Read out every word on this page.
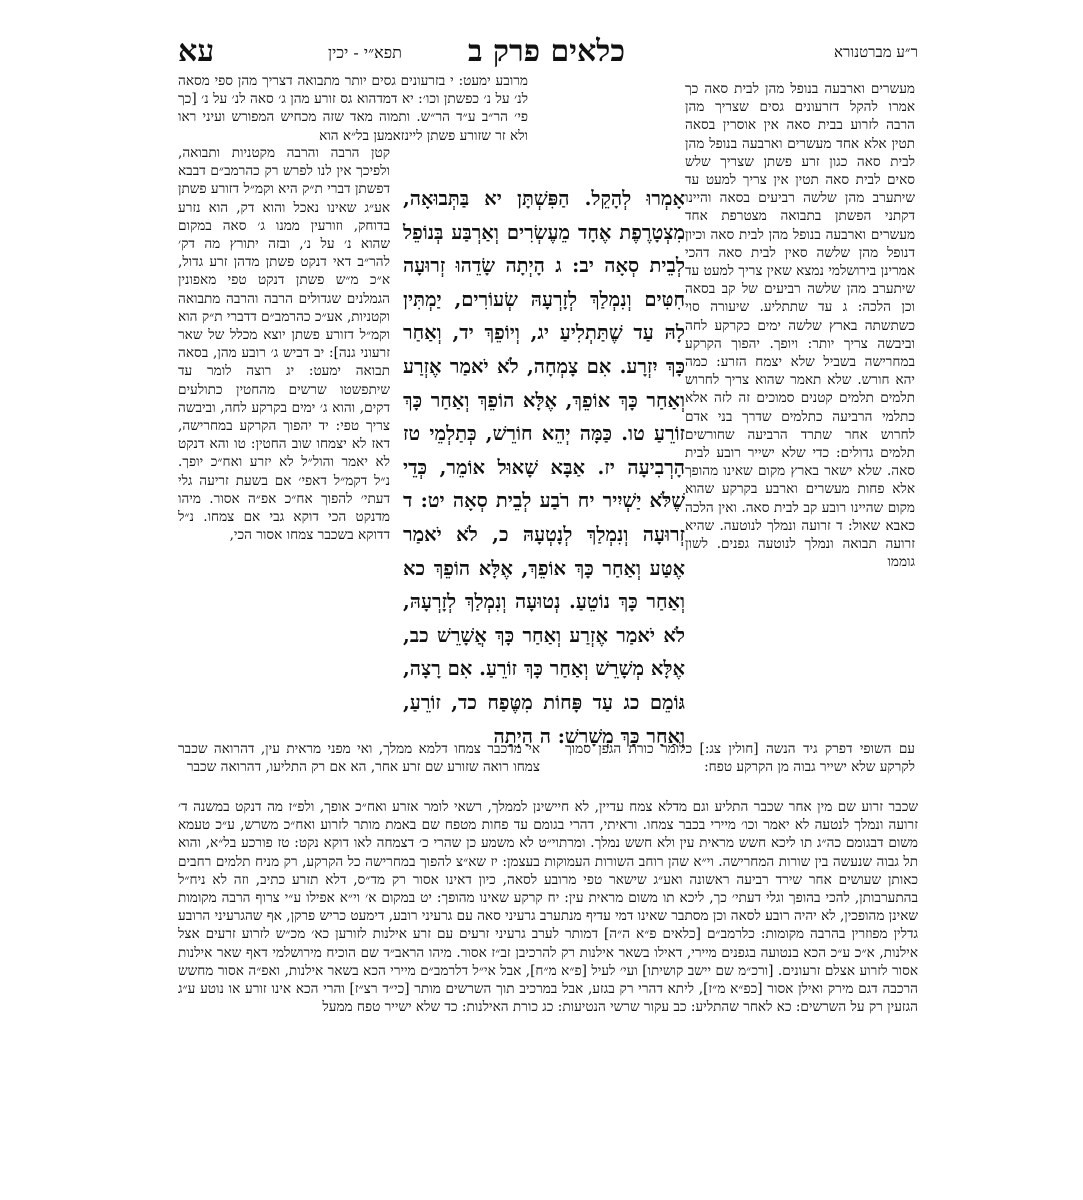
עא	תפא״י - יכין כלאים פרק ב	ר״ע מברטנורא

מעשרים וארבעה בנופל מהן לבית סאה כך אמרו להקל דזרעונים גסים שצריך מהן הרבה לזרוע בבית סאה אין אוסרין בסאה תטין אלא אחד מעשרים וארבעה בנופל מהן לבית סאה כגון זרע פשתן שצריך שלש סאים לבית סאה תטין אין צריך למעט עד שיתערב מהן שלשה רביעים בסאה והיינו דקתני הפשתן בתבואה מצטרפת אחד מעשרים וארבעה בנופל מהן לבית סאה וכיון דנופל מהן שלשה סאין לבית סאה דהכי אמרינן בירושלמי נמצא שאין צריך למעט עד שיתערב מהן שלשה רביעים של קב בסאה וכן הלכה: ג עד שתתליע. שיעורה סוי כשתשתה בארץ שלשה ימים כקרקע לחה וביבשה צריך יותר: ויופך. יהפוך הקרקע במחרישה בשביל שלא יצמח הזרע: כמה יהא חורש. שלא תאמר שהוא צריך לחרוש תלמים תלמים קטנים סמוכים זה לזה אלא כתלמי הרביעה כתלמים שדרך בני אדם לחרוש אחר שתרד הרביעה שחורשים תלמים גדולים: כדי שלא ישייר רובע לבית סאה. שלא ישאר בארץ מקום שאינו מהופך אלא פחות מעשרים וארבע בקרקע שהוא מקום שהיינו רובע קב לבית סאה. ואין הלכה כאבא שאול: ד זרועה ונמלך לנוטעה. שהיא זרועה תבואה ונמלך לנוטעה גפנים. לשון גוממו

מרובע ימעט: י בזרעונים גסים יותר מתבואה דצריך מהן ספי מסאה לנ׳ על נ׳ כפשתן וכו׳: יא דמדהוא גס זורע מהן ג׳ סאה לנ׳ על נ׳ [כך פי׳ הר״ב ע״ד הר״ש. ותמוה מאד שזה מכחיש המפורש ועיני ראו ולא זר שזורע פשתן ליינזאמען בל״א הוא

קטן הרבה והרבה מקטניות ותבואה, ולפיכך אין לנו לפרש רק כהרמב״ם דבבא דפשתן דברי ת״ק היא וקמ״ל דזורע פשתן אע״ג שאינו נאכל והוא דק, הוא נזרע בדוחק, וזורעין ממנו ג׳ סאה במקום שהוא נ׳ על נ׳, ובזה יתורץ מה דק׳ להר״ב דאי דנקט פשתן מדהן זרע גדול, א״כ מ״ש פשתן דנקט טפי מאפונין הגמלנים שגדולים הרבה והרבה מתבואה וקטניות, אע״כ כהרמב״ם דדברי ת״ק הוא וקמ״ל דזורע פשתן יוצא מכלל של שאר זרעוני גנה]: יב דביש ג׳ רובע מהן, בסאה תבואה ימעט: יג רוצה לומר עד שיתפשטו שרשים מהחטין כתולעים דקים, והוא ג׳ ימים בקרקע לחה, וביבשה צריך טפי: יד יהפוך הקרקע במחרישה, דאז לא יצמחו שוב החטין: טו והא דנקט לא יאמר והול״ל לא יזרע ואח״כ יופך. נ״ל דקמ״ל דאפי׳ אם בשעת זריעה גלי דעתי׳ להפוך אח״כ אפ״ה אסור. מיהו מדנקט הכי דוקא גבי אם צמחו. נ״ל דדוקא בשכבר צמחו אסור הכי,

אָמְרוּ לְהָקֵל. הַפִּשְׁתָּן יא בַּתְּבוּאָה, מִצְטָרֶפֶת אֶחָד מֵעֶשְׂרִים וְאַרְבַּע בְּנוֹפֵל לְבֵית סְאָה יב: ג הָיְתָה שָׂדֵהוּ זְרוּעָה חִטִּים וְנִמְלַךְ לְזָרְעָהּ שְׂעוֹרִים, יַמְתִּין לָהּ עַד שֶׁתַּתְלִיעַ יג, וְיוֹפֵךְ יד, וְאַחַר כָּךְ יִזְרָע. אִם צָמְחָה, לֹא יֹאמַר אֶזְרַע וְאַחַר כָּךְ אוֹפֵךְ, אֶלָּא הוֹפֵךְ וְאַחַר כָּךְ זוֹרֵעַ טו. כַּמָּה יְהֵא חוֹרֵשׁ, כְּתַלְמֵי טז הָרְבִיעָה יז. אַבָּא שָׁאוּל אוֹמֵר, כְּדֵי שֶׁלֹּא יַשְׁיִיר יח רֹבַע לְבֵית סְאָה יט: ד זְרוּעָה וְנִמְלַךְ לְנָטְעָהּ כ, לֹא יֹאמַר אֶטַּע וְאַחַר כָּךְ אוֹפֵךְ, אֶלָּא הוֹפֵךְ כא וְאַחַר כָּךְ נוֹטֵעַ. נְטוּעָה וְנִמְלַךְ לְזָרְעָהּ, לֹא יֹאמַר אֶזְרַע וְאַחַר כָּךְ אֲשָׁרֵשׁ כב, אֶלָּא מְשָׁרֵשׁ וְאַחַר כָּךְ זוֹרֵעַ. אִם רָצָה, גּוֹמֵם כג עַד פָּחוֹת מִטֶּפַח כד, זוֹרֵעַ, וְאַחַר כָּךְ מְשָׁרֵשׁ: ה הָיְתָה

עם השופי דפרק גיד הנשה [חולין צג:] כלומר כורת הגפן סמוך לקרקע שלא ישייר גבוה מן הקרקע טפח:

אי מדכבר צמחו דלמא ממלך, ואי מפני מראית עין, דהרואה שכבר צמחו רואה שזורע שם זרע אחר, הא אם רק התליעו, דהרואה שכבר

שכבר זרוע שם מין אחר שכבר התליע וגם מדלא צמח עדיין, לא חיישינן לממלך, רשאי לומר אזרע ואח״כ אופך, ולפ״ז מה דנקט במשנה ד׳ זרועה ונמלך לנטעה לא יאמר וכו׳ מיירי בכבר צמחו. וראיתי, דהרי בגומם עד פחות מטפח שם באמת מותר לזרוע ואח״כ משרש, ע״כ טעמא משום דבגומם כה״ג תו ליכא חשש מראית עין ולא חשש נמלך. ומרתוי״ט לא משמע כן שהרי כ׳ דצמחה לאו דוקא נקט: טז פורכע בל״א, והוא תל גבוה שנעשה בין שורות המחרישה. וי״א שהן רוחב השורות העמוקות בעצמן: יז שא״צ להפוך במחרישה כל הקרקע, רק מניח תלמים רחבים כאותן שעושים אחר שירד רביעה ראשונה ואע״ג שישאר טפי מרובע לסאה, כיון דאינו אסור רק מד״ס, דלא תזרע כתיב, וזה לא ניח״ל בהתערבותן, להכי בהופך וגלי דעתי׳ כך, ליכא תו משום מראית עין: יח קרקע שאינו מהופך: יט במקום א׳ וי״א אפילו ע״י צרוף הרבה מקומות שאינן מהופכין, לא יהיה רובע לסאה וכן מסתבר שאינו דמי עדיף מנתערב גרעיני סאה עם גרעיני רובע, דימעט כריש פרקן, אף שהגרעיני הרובע גדלין מפוזרין בהרבה מקומות: כלרמב״ם [כלאים פ״א ה״ה] דמותר לערב גרעיני זרעים עם זרע אילנות לזורען כא׳ מכ״ש לזרוע זרעים אצל אילנות, א״כ ע״כ הכא בנטועה בגפנים מיירי, דאילו בשאר אילנות רק להרכיבן זב״ז אסור. מיהו הראב״ד שם הוכיח מירושלמי דאף שאר אילנות אסור לזרוע אצלם זרעונים. [ורכ״מ שם יישב קושיתו] ועי׳ לעיל [פ״א מ״ח], אבל אי״ל דלרמב״ם מיירי הכא בשאר אילנות, ואפ״ה אסור מחשש הרכבה דגם מירק ואילן אסור [כפ״א מ״ז], ליתא דהרי רק בגזע, אבל במרכיב תוך השרשים מותר [כי״ד רצ״ז] והרי הכא אינו זורע או נוטע ע״ג הגזעין רק על השרשים: כא לאחר שהתליע: כב עקור שרשי הנטיעות: כג כורת האילנות: כד שלא ישייר טפח ממעל
